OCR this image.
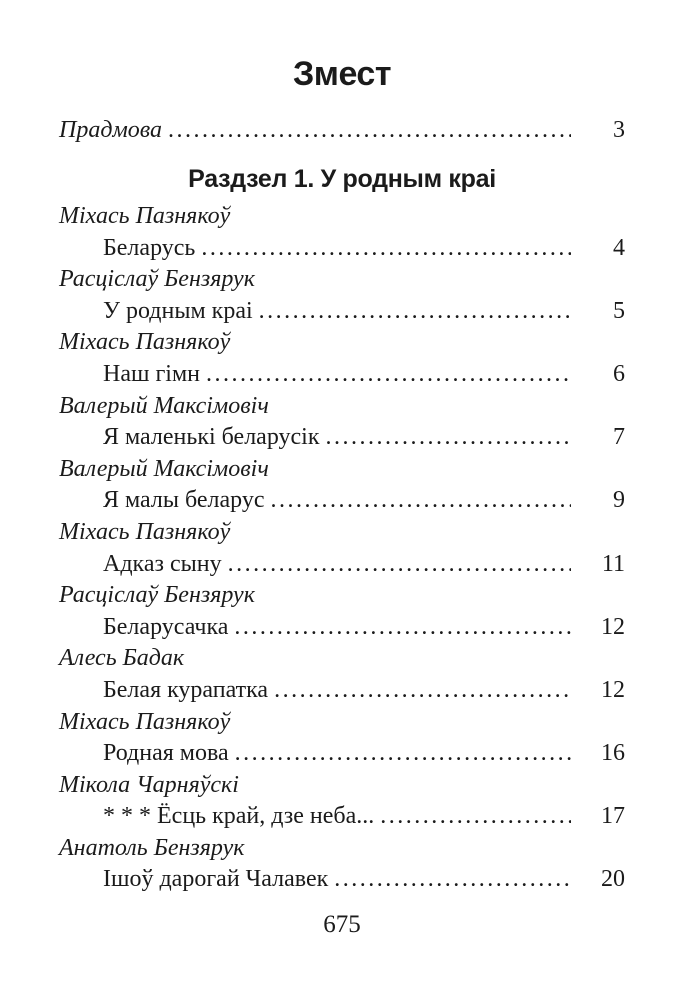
Змест
Прадмова .....	3
Раздзел 1. У родным краі
Міхась Пазнякоў
Беларусь .....	4
Расціслаў Бензярук
У родным краі .....	5
Міхась Пазнякоў
Наш гімн .....	6
Валерый Максімовіч
Я маленькі беларусік .....	7
Валерый Максімовіч
Я малы беларус .....	9
Міхась Пазнякоў
Адказ сыну .....	11
Расціслаў Бензярук
Беларусачка .....	12
Алесь Бадак
Белая курапатка .....	12
Міхась Пазнякоў
Родная мова .....	16
Мікола Чарняўскі
* * * Ёсць край, дзе неба... .....	17
Анатоль Бензярук
Ішоў дарогай Чалавек .....	20
675
